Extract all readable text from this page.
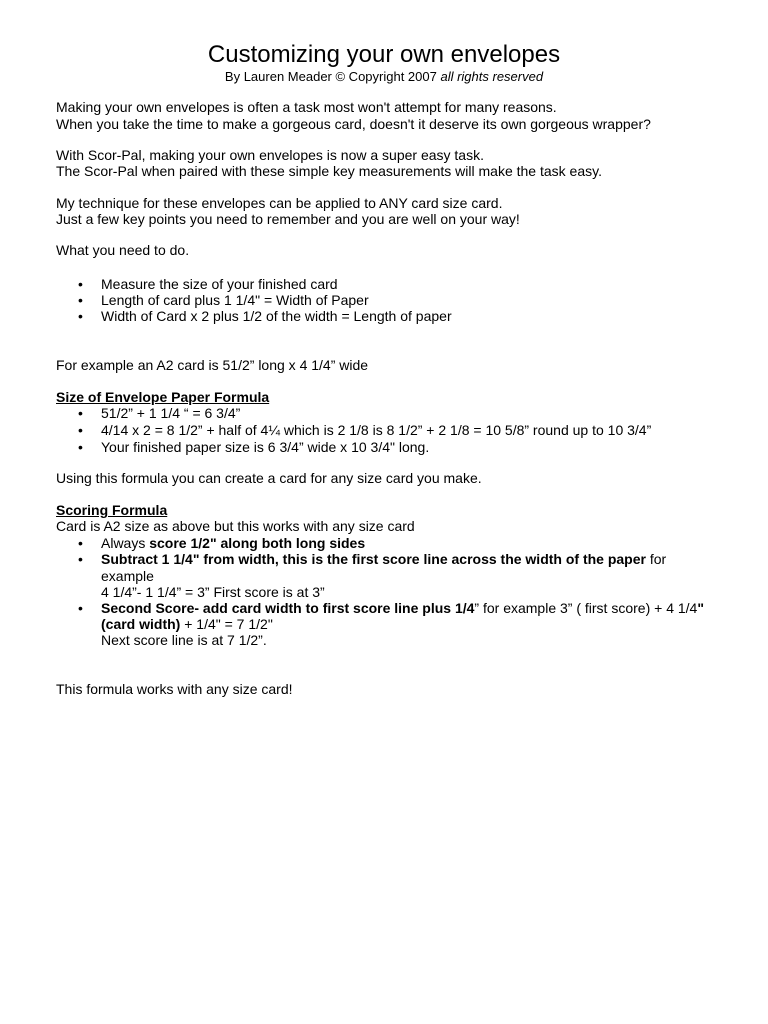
Customizing your own envelopes
By Lauren Meader © Copyright 2007 all rights reserved
Making your own envelopes is often a task most won't attempt for many reasons.
When you take the time to make a gorgeous card, doesn't it deserve its own gorgeous wrapper?
With Scor-Pal, making your own envelopes is now a super easy task.
The Scor-Pal when paired with these simple key measurements will make the task easy.
My technique for these envelopes can be applied to ANY card size card.
Just a few key points you need to remember and you are well on your way!
What you need to do.
• Measure the size of your finished card
• Length of card plus 1 1/4" = Width of Paper
• Width of Card x 2 plus 1/2 of the width = Length of paper
For example an A2 card is 51/2” long x 4 1/4” wide
Size of Envelope Paper Formula
• 51/2” + 1 1/4 “ = 6 3/4”
• 4/14 x 2 = 8 1/2” + half of 4¼ which is 2 1/8 is 8 1/2” + 2 1/8 = 10 5/8” round up to 10 3/4”
• Your finished paper size is 6 3/4” wide x 10 3/4" long.
Using this formula you can create a card for any size card you make.
Scoring Formula
Card is A2 size as above but this works with any size card
• Always score 1/2" along both long sides
• Subtract 1 1/4" from width, this is the first score line across the width of the paper for
example
4 1/4”- 1 1/4” = 3” First score is at 3”
• Second Score- add card width to first score line plus 1/4” for example 3” ( first score) + 4 1/4"
(card width) + 1/4" = 7 1/2"
Next score line is at 7 1/2”.
This formula works with any size card!
